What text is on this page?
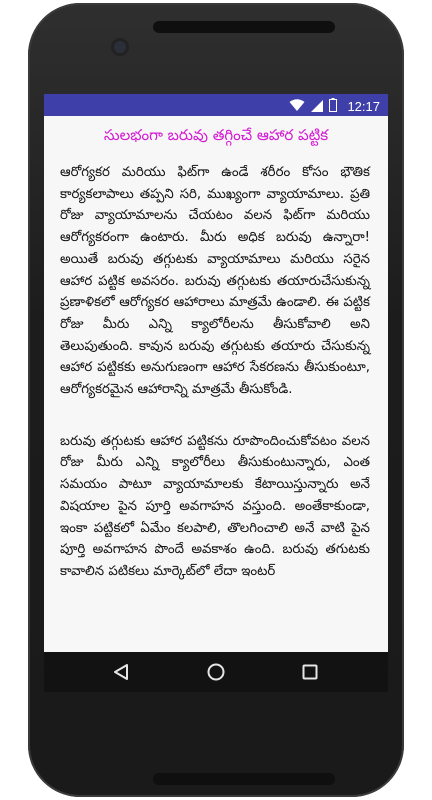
12:17
సులభంగా బరువు తగ్గించే ఆహార పట్టిక

ఆరోగ్యకర మరియు ఫిట్‌గా ఉండే శరీరం కోసం భౌతిక కార్యకలాపాలు తప్పని సరి, ముఖ్యంగా వ్యాయామాలు. ప్రతి రోజు వ్యాయామాలను చేయటం వలన ఫిట్‌గా మరియు ఆరోగ్యకరంగా ఉంటారు. మీరు అధిక బరువు ఉన్నారా! అయితే బరువు తగ్గుటకు వ్యాయామాలు మరియు సరైన ఆహార పట్టిక అవసరం. బరువు తగ్గుటకు తయారుచేసుకున్న ప్రణాళికలో ఆరోగ్యకర ఆహారాలు మాత్రమే ఉండాలి. ఈ పట్టిక రోజు మీరు ఎన్ని క్యాలోరీలను తీసుకోవాలి అని తెలుపుతుంది. కావున బరువు తగ్గుటకు తయారు చేసుకున్న ఆహార పట్టికకు అనుగుణంగా ఆహార సేకరణను తీసుకుంటూ, ఆరోగ్యకరమైన ఆహారాన్ని మాత్రమే తీసుకోండి.

బరువు తగ్గుటకు ఆహార పట్టికను రూపొందించుకోవటం వలన రోజు మీరు ఎన్ని క్యాలోరీలు తీసుకుంటున్నారు, ఎంత సమయం పాటూ వ్యాయామాలకు కేటాయిస్తున్నారు అనే విషయాల పైన పూర్తి అవగాహన వస్తుంది. అంతేకాకుండా, ఇంకా పట్టికలో ఏమేం కలపాలి, తొలగించాలి అనే వాటి పైన పూర్తి అవగాహన పొందే అవకాశం ఉంది. బరువు తగుటకు కావాలిన పటికలు మార్కెట్‌లో లేదా ఇంటర్
